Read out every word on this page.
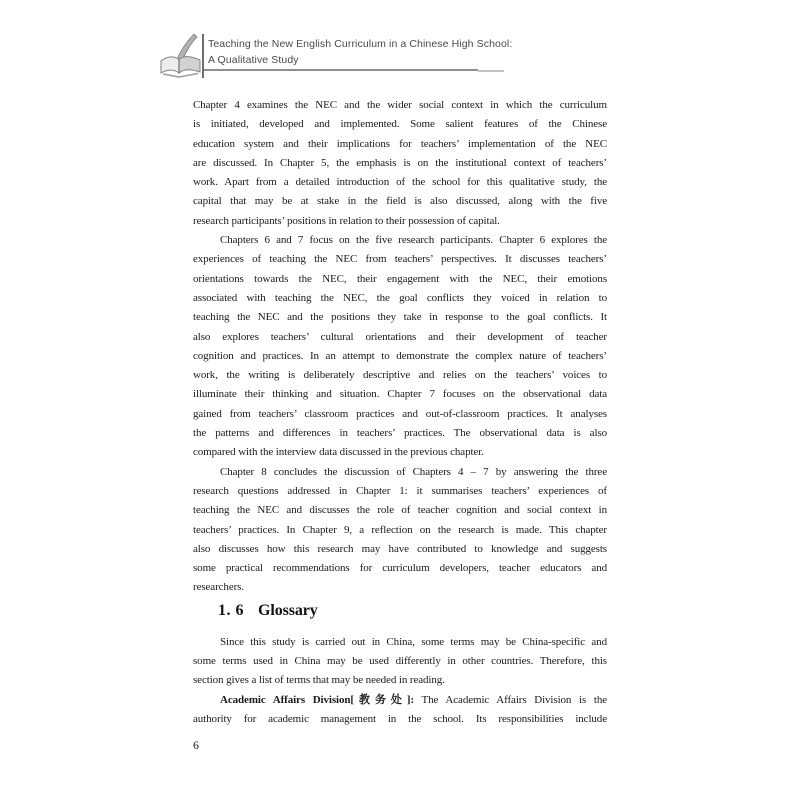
Teaching the New English Curriculum in a Chinese High School:
A Qualitative Study
Chapter 4 examines the NEC and the wider social context in which the curriculum
is initiated, developed and implemented. Some salient features of the Chinese
education system and their implications for teachers’ implementation of the NEC
are discussed. In Chapter 5, the emphasis is on the institutional context of teachers’
work. Apart from a detailed introduction of the school for this qualitative study, the
capital that may be at stake in the field is also discussed, along with the five
research participants’ positions in relation to their possession of capital.
Chapters 6 and 7 focus on the five research participants. Chapter 6 explores the
experiences of teaching the NEC from teachers’ perspectives. It discusses teachers’
orientations towards the NEC, their engagement with the NEC, their emotions
associated with teaching the NEC, the goal conflicts they voiced in relation to
teaching the NEC and the positions they take in response to the goal conflicts. It
also explores teachers’ cultural orientations and their development of teacher
cognition and practices. In an attempt to demonstrate the complex nature of teachers’
work, the writing is deliberately descriptive and relies on the teachers’ voices to
illuminate their thinking and situation. Chapter 7 focuses on the observational data
gained from teachers’ classroom practices and out-of-classroom practices. It analyses
the patterns and differences in teachers’ practices. The observational data is also
compared with the interview data discussed in the previous chapter.
Chapter 8 concludes the discussion of Chapters 4 – 7 by answering the three
research questions addressed in Chapter 1: it summarises teachers’ experiences of
teaching the NEC and discusses the role of teacher cognition and social context in
teachers’ practices. In Chapter 9, a reflection on the research is made. This chapter
also discusses how this research may have contributed to knowledge and suggests
some practical recommendations for curriculum developers, teacher educators and
researchers.
1. 6 Glossary
Since this study is carried out in China, some terms may be China-specific and
some terms used in China may be used differently in other countries. Therefore, this
section gives a list of terms that may be needed in reading.
Academic Affairs Division[教务处]: The Academic Affairs Division is the
authority for academic management in the school. Its responsibilities include
6
